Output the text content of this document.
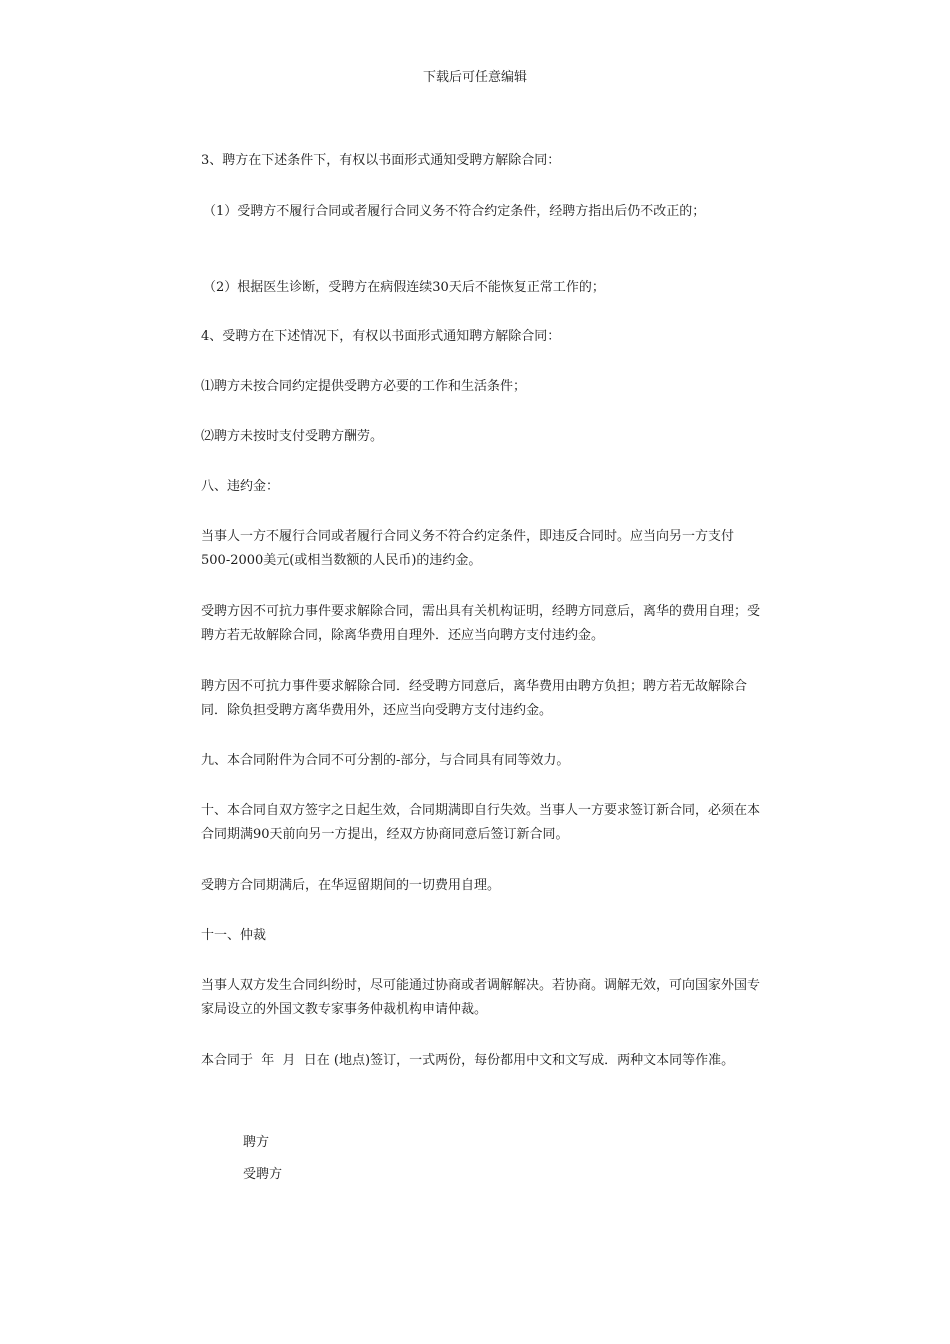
下载后可任意编辑

3、聘方在下述条件下，有权以书面形式通知受聘方解除合同：

（1）受聘方不履行合同或者履行合同义务不符合约定条件，经聘方指出后仍不改正的；

（2）根据医生诊断，受聘方在病假连续30天后不能恢复正常工作的；

4、受聘方在下述情况下，有权以书面形式通知聘方解除合同：

⑴聘方未按合同约定提供受聘方必要的工作和生活条件；

⑵聘方未按时支付受聘方酬劳。

八、违约金：

当事人一方不履行合同或者履行合同义务不符合约定条件，即违反合同时。应当向另一方支付500-2000美元(或相当数额的人民币)的违约金。

受聘方因不可抗力事件要求解除合同，需出具有关机构证明，经聘方同意后，离华的费用自理；受聘方若无故解除合同，除离华费用自理外．还应当向聘方支付违约金。

聘方因不可抗力事件要求解除合同．经受聘方同意后，离华费用由聘方负担；聘方若无故解除合同．除负担受聘方离华费用外，还应当向受聘方支付违约金。

九、本合同附件为合同不可分割的-部分，与合同具有同等效力。

十、本合同自双方签字之日起生效，合同期满即自行失效。当事人一方要求签订新合同，必须在本合同期满90天前向另一方提出，经双方协商同意后签订新合同。

受聘方合同期满后，在华逗留期间的一切费用自理。

十一、仲裁

当事人双方发生合同纠纷时，尽可能通过协商或者调解解决。若协商。调解无效，可向国家外国专家局设立的外国文教专家事务仲裁机构申请仲裁。

本合同于  年  月  日在 (地点)签订，一式两份，每份都用中文和文写成．两种文本同等作准。

聘方

受聘方
